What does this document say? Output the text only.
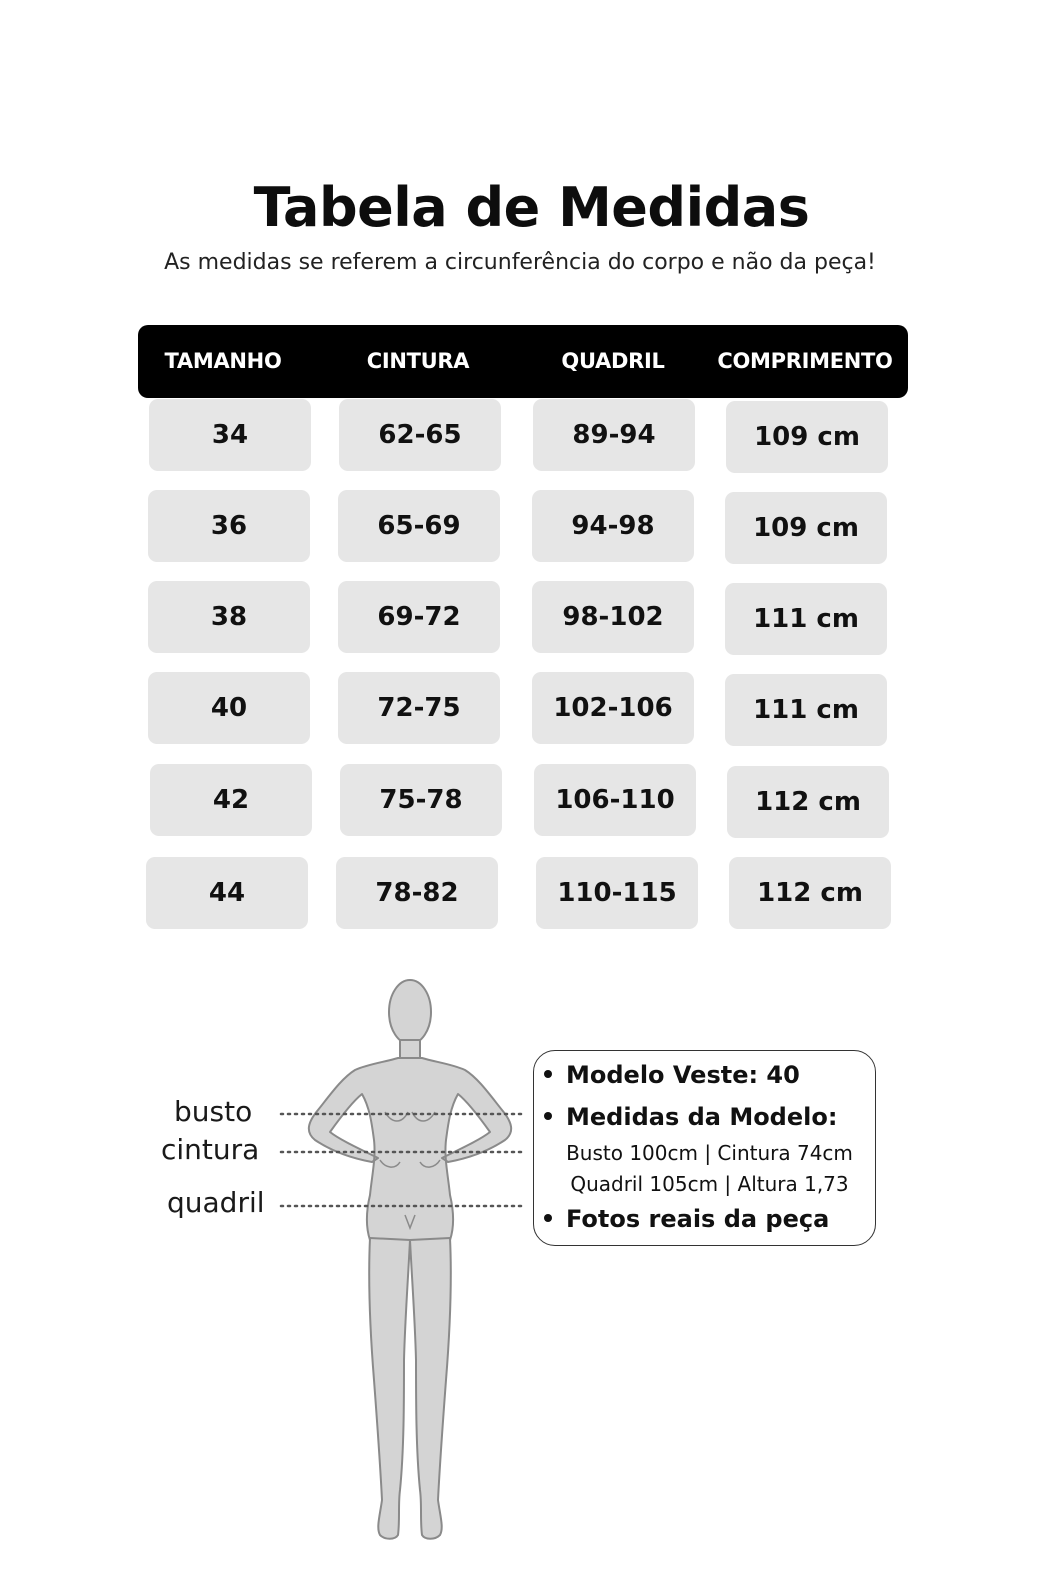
Tabela de Medidas
As medidas se referem a circunferência do corpo e não da peça!
TAMANHO	CINTURA	QUADRIL	COMPRIMENTO
34	62-65	89-94	109 cm
36	65-69	94-98	109 cm
38	69-72	98-102	111 cm
40	72-75	102-106	111 cm
42	75-78	106-110	112 cm
44	78-82	110-115	112 cm
busto
cintura
quadril
Modelo Veste: 40
Medidas da Modelo:
Busto 100cm | Cintura 74cm
Quadril 105cm | Altura 1,73
Fotos reais da peça
